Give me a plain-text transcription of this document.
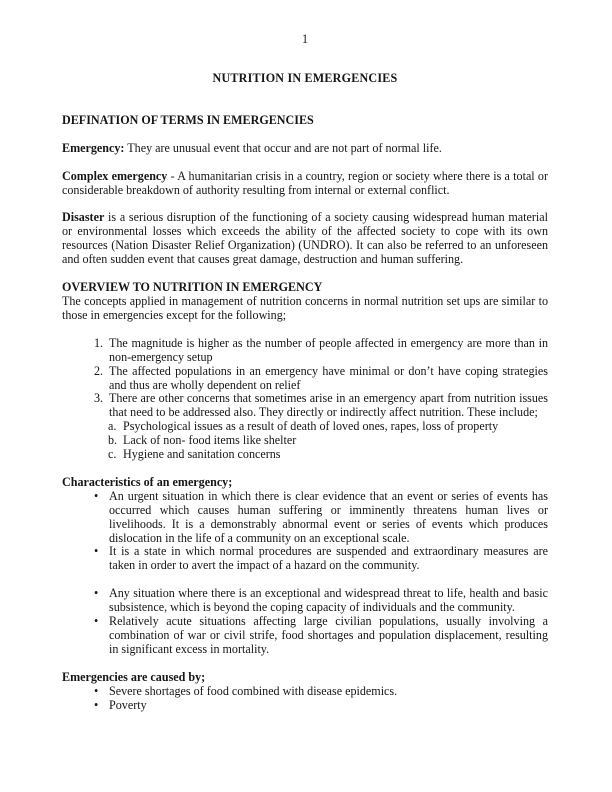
1
NUTRITION IN EMERGENCIES
DEFINATION OF TERMS IN EMERGENCIES

Emergency: They are unusual event that occur and are not part of normal life.

Complex emergency - A humanitarian crisis in a country, region or society where there is a total or considerable breakdown of authority resulting from internal or external conflict.

Disaster is a serious disruption of the functioning of a society causing widespread human material or environmental losses which exceeds the ability of the affected society to cope with its own resources (Nation Disaster Relief Organization) (UNDRO). It can also be referred to an unforeseen and often sudden event that causes great damage, destruction and human suffering.

OVERVIEW TO NUTRITION IN EMERGENCY

The concepts applied in management of nutrition concerns in normal nutrition set ups are similar to those in emergencies except for the following;

1. The magnitude is higher as the number of people affected in emergency are more than in non-emergency setup
2. The affected populations in an emergency have minimal or don’t have coping strategies and thus are wholly dependent on relief
3. There are other concerns that sometimes arise in an emergency apart from nutrition issues that need to be addressed also. They directly or indirectly affect nutrition. These include;
a. Psychological issues as a result of death of loved ones, rapes, loss of property
b. Lack of non- food items like shelter
c. Hygiene and sanitation concerns
Characteristics of an emergency;
• An urgent situation in which there is clear evidence that an event or series of events has occurred which causes human suffering or imminently threatens human lives or livelihoods. It is a demonstrably abnormal event or series of events which produces dislocation in the life of a community on an exceptional scale.
• It is a state in which normal procedures are suspended and extraordinary measures are taken in order to avert the impact of a hazard on the community.
• Any situation where there is an exceptional and widespread threat to life, health and basic subsistence, which is beyond the coping capacity of individuals and the community.
• Relatively acute situations affecting large civilian populations, usually involving a combination of war or civil strife, food shortages and population displacement, resulting in significant excess in mortality.
Emergencies are caused by;
• Severe shortages of food combined with disease epidemics.
• Poverty
